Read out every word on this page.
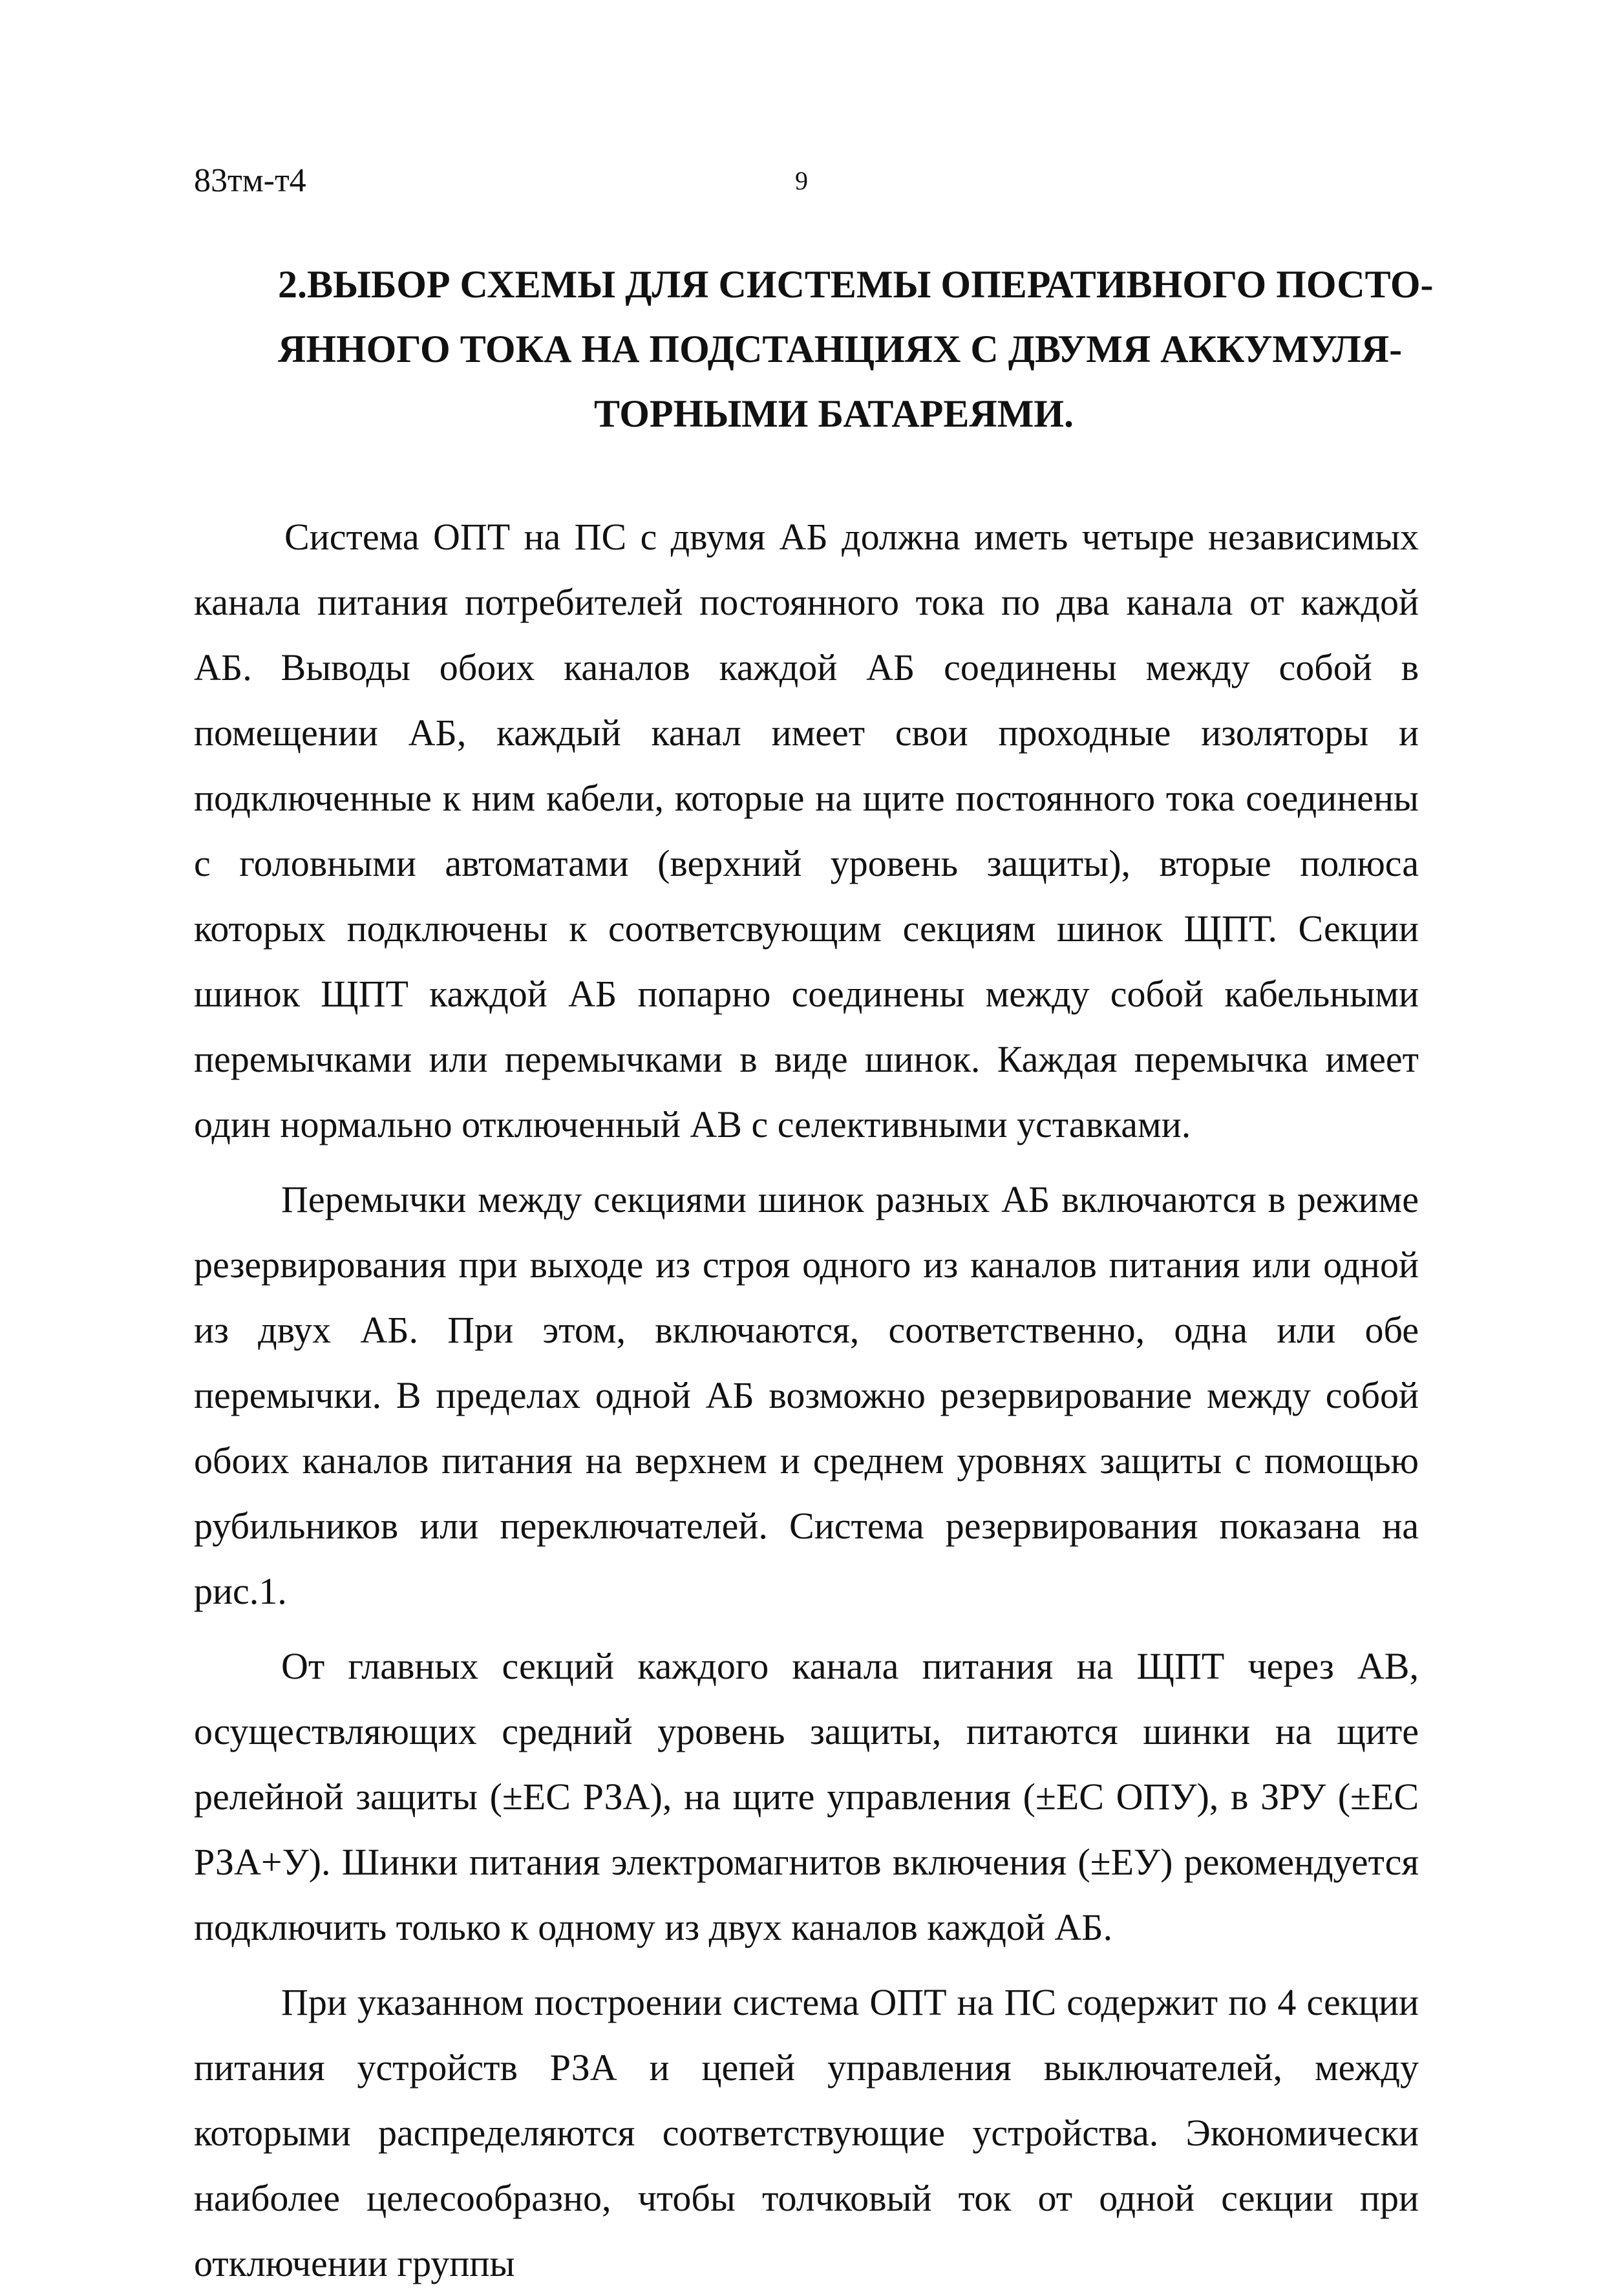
83тм-т4	9
2.ВЫБОР СХЕМЫ ДЛЯ СИСТЕМЫ ОПЕРАТИВНОГО ПОСТО-
ЯННОГО ТОКА НА ПОДСТАНЦИЯХ С ДВУМЯ АККУМУЛЯ-
ТОРНЫМИ БАТАРЕЯМИ.

Система ОПТ на ПС с двумя АБ должна иметь четыре независимых канала питания потребителей постоянного тока по два канала от каждой АБ. Выводы обоих каналов каждой АБ соединены между собой в помещении АБ, каждый канал имеет свои проходные изоляторы и подключенные к ним кабели, которые на щите постоянного тока соединены с головными автоматами (верхний уровень защиты), вторые полюса которых подключены к соответсвующим секциям шинок ЩПТ. Секции шинок ЩПТ каждой АБ попарно соединены между собой кабельными перемычками или перемычками в виде шинок. Каждая перемычка имеет один нормально отключенный АВ с селективными уставками.

Перемычки между секциями шинок разных АБ включаются в режиме резервирования при выходе из строя одного из каналов питания или одной из двух АБ. При этом, включаются, соответственно, одна или обе перемычки. В пределах одной АБ возможно резервирование между собой обоих каналов питания на верхнем и среднем уровнях защиты с помощью рубильников или переключателей. Система резервирования показана на рис.1.

От главных секций каждого канала питания на ЩПТ через АВ, осуществляющих средний уровень защиты, питаются шинки на щите релейной защиты (±ЕС РЗА), на щите управления (±ЕС ОПУ), в ЗРУ (±ЕС РЗА+У). Шинки питания электромагнитов включения (±ЕУ) рекомендуется подключить только к одному из двух каналов каждой АБ.

При указанном построении система ОПТ на ПС содержит по 4 секции питания устройств РЗА и цепей управления выключателей, между которыми распределяются соответствующие устройства. Экономически наиболее целесообразно, чтобы толчковый ток от одной секции при отключении группы
